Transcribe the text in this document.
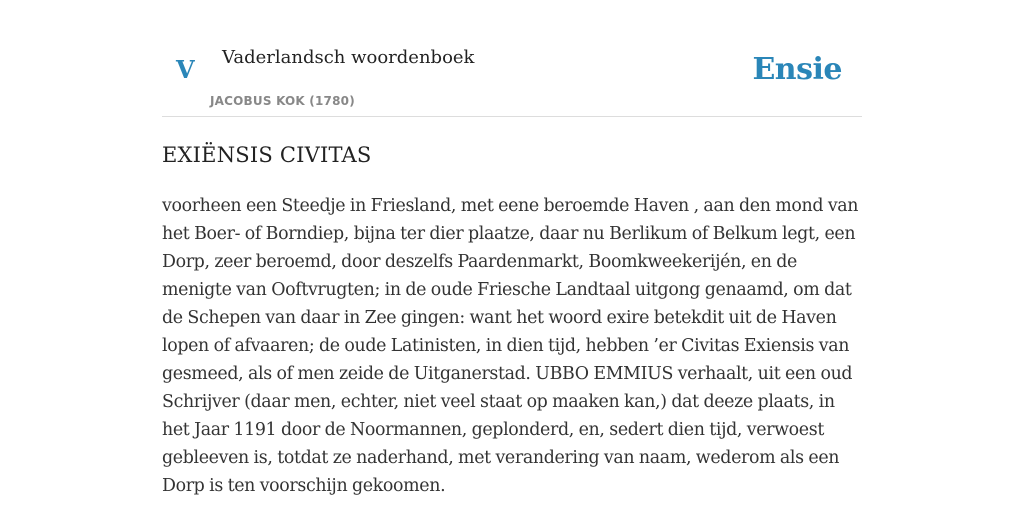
V Vaderlandsch woordenboek
JACOBUS KOK (1780)
Ensie
EXIËNSIS CIVITAS

voorheen een Steedje in Friesland, met eene beroemde Haven , aan den mond van het Boer- of Borndiep, bijna ter dier plaatze, daar nu Berlikum of Belkum legt, een Dorp, zeer beroemd, door deszelfs Paardenmarkt, Boomkweekerijén, en de menigte van Ooftvrugten; in de oude Friesche Landtaal uitgong genaamd, om dat de Schepen van daar in Zee gingen: want het woord exire betekdit uit de Haven lopen of afvaaren; de oude Latinisten, in dien tijd, hebben ’er Civitas Exiensis van gesmeed, als of men zeide de Uitganerstad. UBBO EMMIUS verhaalt, uit een oud Schrijver (daar men, echter, niet veel staat op maaken kan,) dat deeze plaats, in het Jaar 1191 door de Noormannen, geplonderd, en, sedert dien tijd, verwoest gebleeven is, totdat ze naderhand, met verandering van naam, wederom als een Dorp is ten voorschijn gekoomen.
